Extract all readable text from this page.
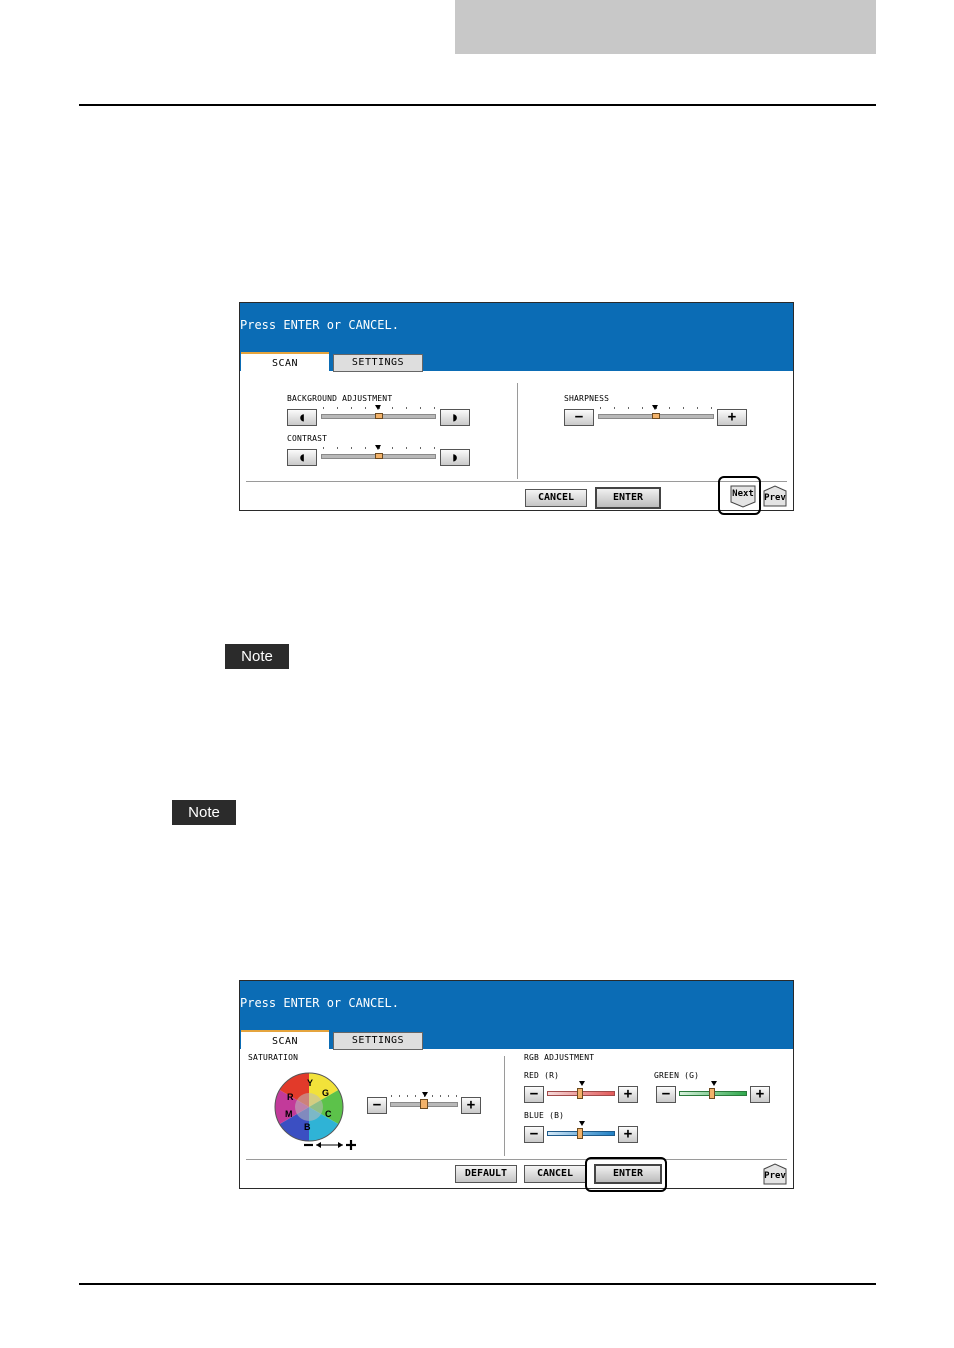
Press ENTER or CANCEL.
SCAN	SETTINGS
BACKGROUND ADJUSTMENT
◖	◗
CONTRAST
◖	◗
SHARPNESS
−	+
CANCEL	ENTER	Next	Prev
Note
Note
Press ENTER or CANCEL.
SCAN	SETTINGS
SATURATION
Y
G
R
C
M
B
−	+
RGB ADJUSTMENT
RED (R)
−	+
GREEN (G)
−	+
BLUE (B)
−	+
DEFAULT	CANCEL	ENTER	Prev
